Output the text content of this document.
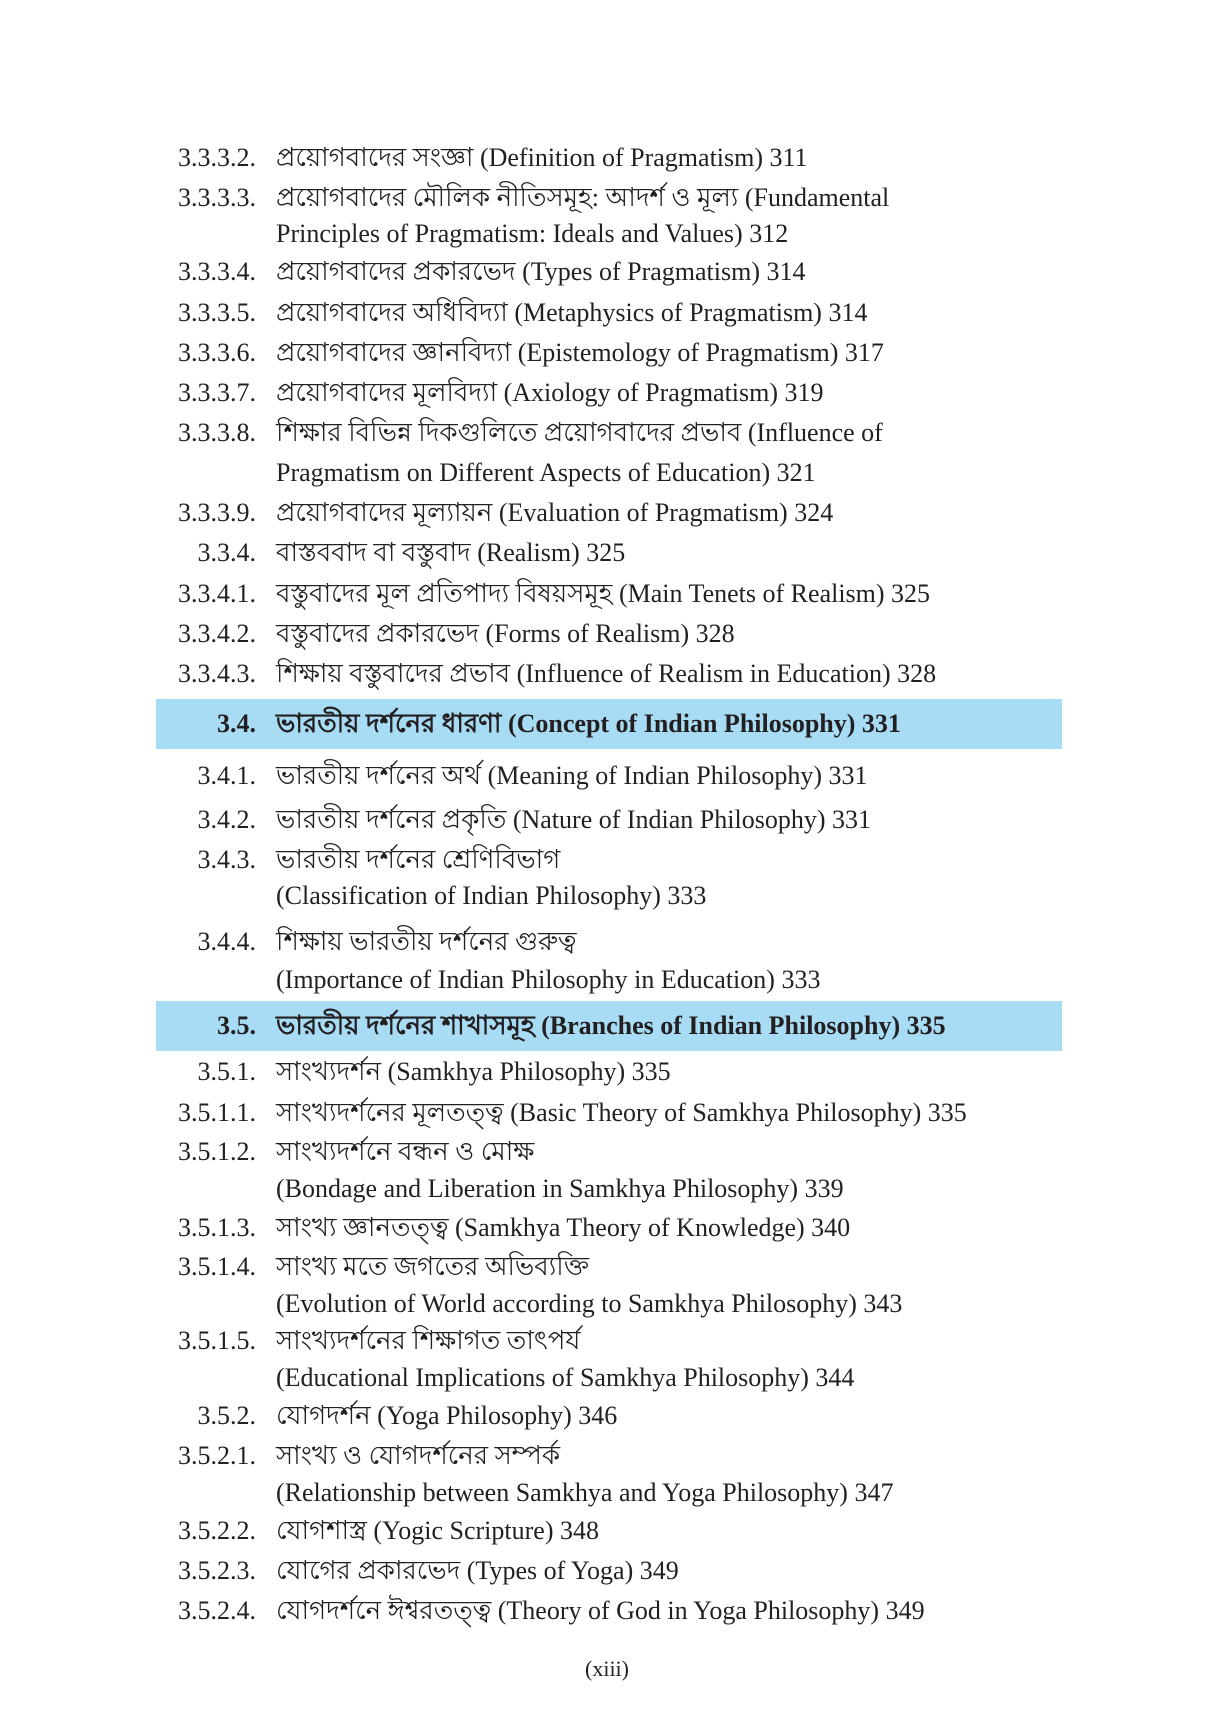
3.3.3.2. প্রয়োগবাদের সংজ্ঞা (Definition of Pragmatism) 311
3.3.3.3. প্রয়োগবাদের মৌলিক নীতিসমূহ: আদর্শ ও মূল্য (Fundamental
Principles of Pragmatism: Ideals and Values) 312
3.3.3.4. প্রয়োগবাদের প্রকারভেদ (Types of Pragmatism) 314
3.3.3.5. প্রয়োগবাদের অধিবিদ্যা (Metaphysics of Pragmatism) 314
3.3.3.6. প্রয়োগবাদের জ্ঞানবিদ্যা (Epistemology of Pragmatism) 317
3.3.3.7. প্রয়োগবাদের মূলবিদ্যা (Axiology of Pragmatism) 319
3.3.3.8. শিক্ষার বিভিন্ন দিকগুলিতে প্রয়োগবাদের প্রভাব (Influence of
Pragmatism on Different Aspects of Education) 321
3.3.3.9. প্রয়োগবাদের মূল্যায়ন (Evaluation of Pragmatism) 324
3.3.4. বাস্তববাদ বা বস্তুবাদ (Realism) 325
3.3.4.1. বস্তুবাদের মূল প্রতিপাদ্য বিষয়সমূহ (Main Tenets of Realism) 325
3.3.4.2. বস্তুবাদের প্রকারভেদ (Forms of Realism) 328
3.3.4.3. শিক্ষায় বস্তুবাদের প্রভাব (Influence of Realism in Education) 328
3.4. ভারতীয় দর্শনের ধারণা (Concept of Indian Philosophy) 331
3.4.1. ভারতীয় দর্শনের অর্থ (Meaning of Indian Philosophy) 331
3.4.2. ভারতীয় দর্শনের প্রকৃতি (Nature of Indian Philosophy) 331
3.4.3. ভারতীয় দর্শনের শ্রেণিবিভাগ
(Classification of Indian Philosophy) 333
3.4.4. শিক্ষায় ভারতীয় দর্শনের গুরুত্ব
(Importance of Indian Philosophy in Education) 333
3.5. ভারতীয় দর্শনের শাখাসমূহ (Branches of Indian Philosophy) 335
3.5.1. সাংখ্যদর্শন (Samkhya Philosophy) 335
3.5.1.1. সাংখ্যদর্শনের মূলতত্ত্ব (Basic Theory of Samkhya Philosophy) 335
3.5.1.2. সাংখ্যদর্শনে বন্ধন ও মোক্ষ
(Bondage and Liberation in Samkhya Philosophy) 339
3.5.1.3. সাংখ্য জ্ঞানতত্ত্ব (Samkhya Theory of Knowledge) 340
3.5.1.4. সাংখ্য মতে জগতের অভিব্যক্তি
(Evolution of World according to Samkhya Philosophy) 343
3.5.1.5. সাংখ্যদর্শনের শিক্ষাগত তাৎপর্য
(Educational Implications of Samkhya Philosophy) 344
3.5.2. যোগদর্শন (Yoga Philosophy) 346
3.5.2.1. সাংখ্য ও যোগদর্শনের সম্পর্ক
(Relationship between Samkhya and Yoga Philosophy) 347
3.5.2.2. যোগশাস্ত্র (Yogic Scripture) 348
3.5.2.3. যোগের প্রকারভেদ (Types of Yoga) 349
3.5.2.4. যোগদর্শনে ঈশ্বরতত্ত্ব (Theory of God in Yoga Philosophy) 349
(xiii)
